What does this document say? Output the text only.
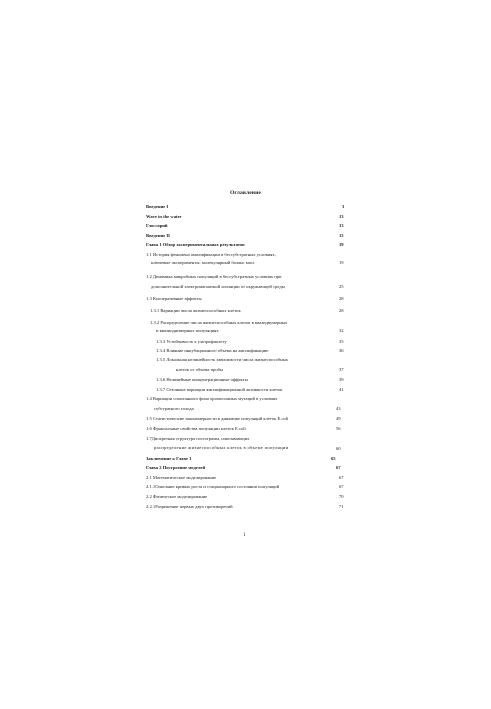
Оглавление
Введение I	3
Wave in the water	13
Глоссарий	13
Введение II	15
Глава 1 Обзор экспериментальных результатов	19
1.1 История феномена амплификации в бессубстратных условиях,
ключевые эксперименты, молекулярный баланс масс	19
1.2 Динамика микробных популяций в бессубстратных условиях при
дополнительной электромагнитной изоляции от окружающей среды	25
1.3 Кооперативные эффекты	28
1.3.1 Вариации числа жизнеспособных клеток	28
1.3.2 Распределение числа жизнеспособных клеток в квазидвумерных
и квазиодномерных популяциях	32
1.3.3 Устойчивость к ультрафиолету	35
1.3.4 Влияние инкубационного объема на амплификацию	36
1.3.5 Локальная нелинейность зависимости числа жизнеспособных
клеток от объема пробы	37
1.3.6 Нелинейные концентрационные эффекты	39
1.3.7 Сезонные вариации амплификационной активности клеток	41
1.4 Вариации спонтанного фона хромосомных мутаций в условиях
субстратного голода	43
1.5 Статистические закономерности в динамике популяций клеток E.coli	49
1.6 Фрактальные свойства популяции клеток E.coli	56
1.7Дискретная структура гистограмм, описывающих
распределение жизнеспособных клеток в объеме популяции	60
Заключение к Главе 1	65
Глава 2 Построение моделей	67
2.1 Математическое моделирование	67
2.1.1Описание кривых роста и стационарного состояния популяций	67
2.2 Физическое моделирование	70
2.2.1Разрешение первых двух противоречий	71
1
